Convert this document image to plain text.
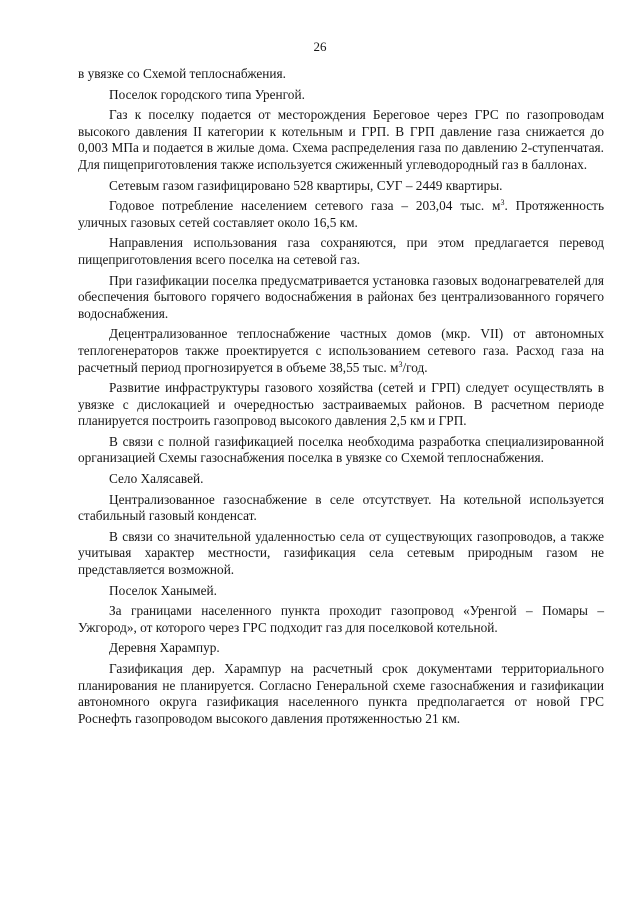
26

в увязке со Схемой теплоснабжения.

Поселок городского типа Уренгой.

Газ к поселку подается от месторождения Береговое через ГРС по газопроводам высокого давления II категории к котельным и ГРП. В ГРП давление газа снижается до 0,003 МПа и подается в жилые дома. Схема распределения газа по давлению 2-ступенчатая. Для пищеприготовления также используется сжиженный углеводородный газ в баллонах.

Сетевым газом газифицировано 528 квартиры, СУГ – 2449 квартиры.

Годовое потребление населением сетевого газа – 203,04 тыс. $м^3$. Протяженность уличных газовых сетей составляет около 16,5 км.

Направления использования газа сохраняются, при этом предлагается перевод пищеприготовления всего поселка на сетевой газ.

При газификации поселка предусматривается установка газовых водонагревателей для обеспечения бытового горячего водоснабжения в районах без централизованного горячего водоснабжения.

Децентрализованное теплоснабжение частных домов (мкр. VII) от автономных теплогенераторов также проектируется с использованием сетевого газа. Расход газа на расчетный период прогнозируется в объеме 38,55 тыс. $м^3$/год.

Развитие инфраструктуры газового хозяйства (сетей и ГРП) следует осуществлять в увязке с дислокацией и очередностью застраиваемых районов. В расчетном периоде планируется построить газопровод высокого давления 2,5 км и ГРП.

В связи с полной газификацией поселка необходима разработка специализированной организацией Схемы газоснабжения поселка в увязке со Схемой теплоснабжения.

Село Халясавей.

Централизованное газоснабжение в селе отсутствует. На котельной используется стабильный газовый конденсат.

В связи со значительной удаленностью села от существующих газопроводов, а также учитывая характер местности, газификация села сетевым природным газом не представляется возможной.

Поселок Ханымей.

За границами населенного пункта проходит газопровод «Уренгой – Помары – Ужгород», от которого через ГРС подходит газ для поселковой котельной.

Деревня Харампур.

Газификация дер. Харампур на расчетный срок документами территориального планирования не планируется. Согласно Генеральной схеме газоснабжения и газификации автономного округа газификация населенного пункта предполагается от новой ГРС Роснефть газопроводом высокого давления протяженностью 21 км.
